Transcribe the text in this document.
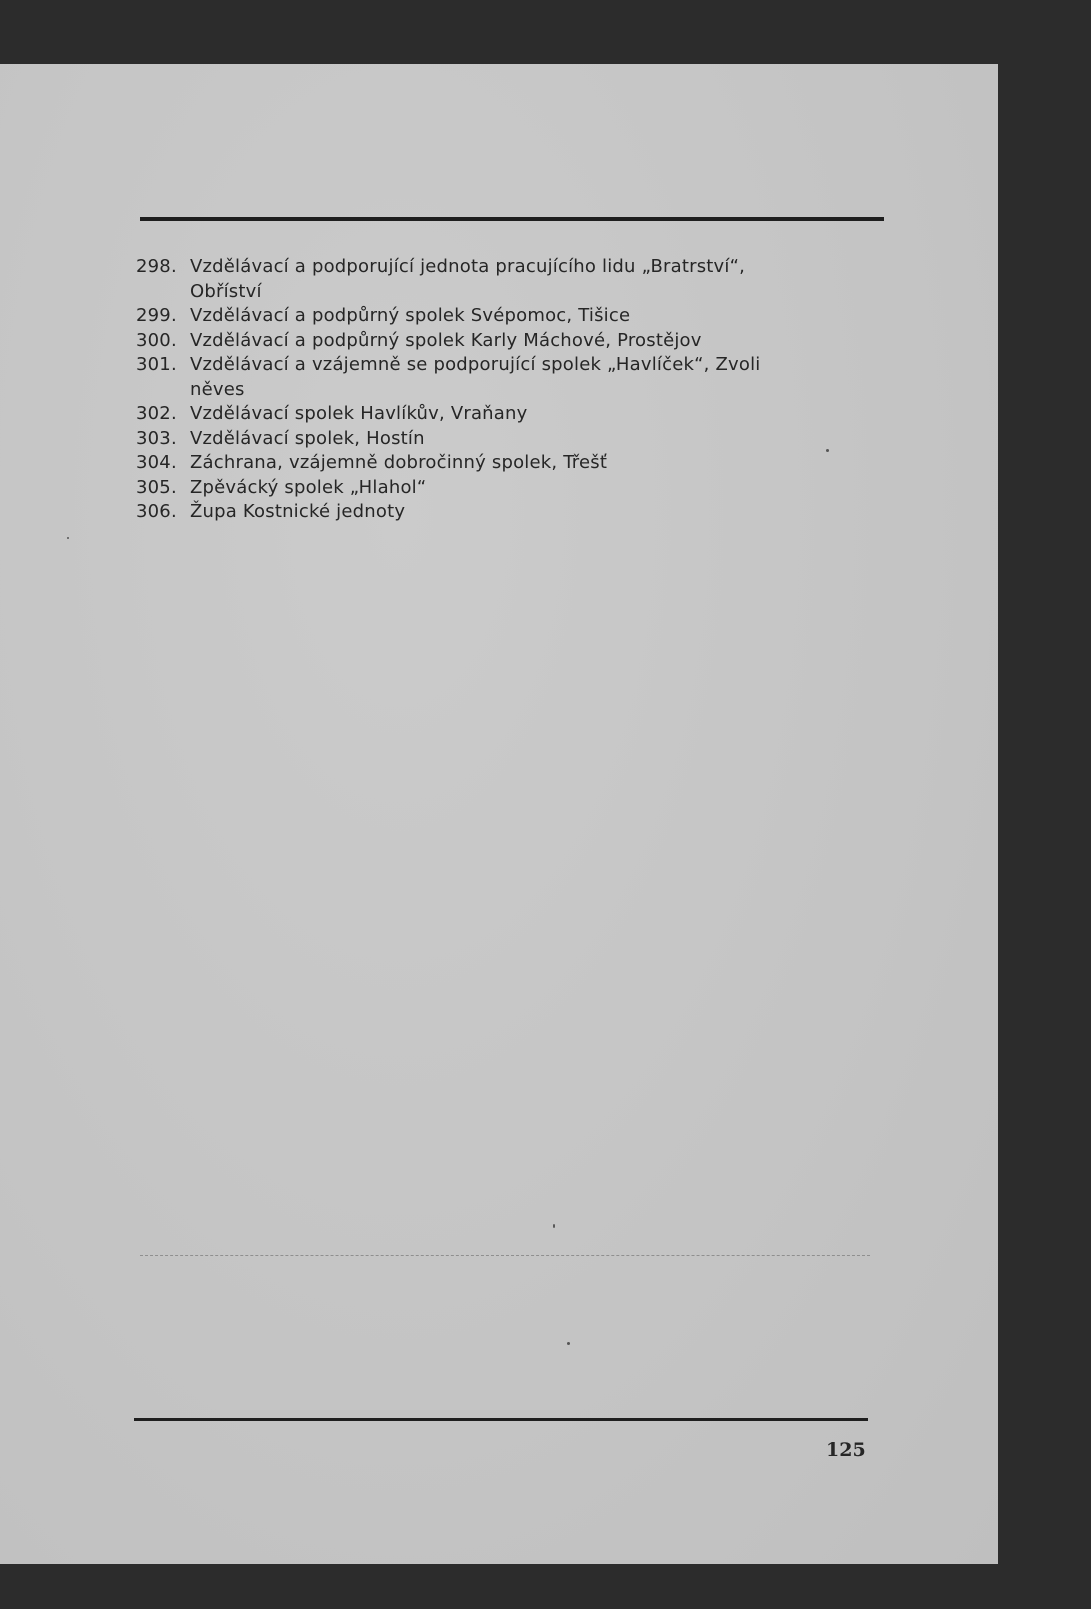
298. Vzdělávací a podporující jednota pracujícího lidu „Bratrství“,
Obříství
299. Vzdělávací a podpůrný spolek Svépomoc, Tišice
300. Vzdělávací a podpůrný spolek Karly Máchové, Prostějov
301. Vzdělávací a vzájemně se podporující spolek „Havlíček“, Zvoli
něves
302. Vzdělávací spolek Havlíkův, Vraňany
303. Vzdělávací spolek, Hostín
304. Záchrana, vzájemně dobročinný spolek, Třešť
305. Zpěvácký spolek „Hlahol“
306. Župa Kostnické jednoty
125
